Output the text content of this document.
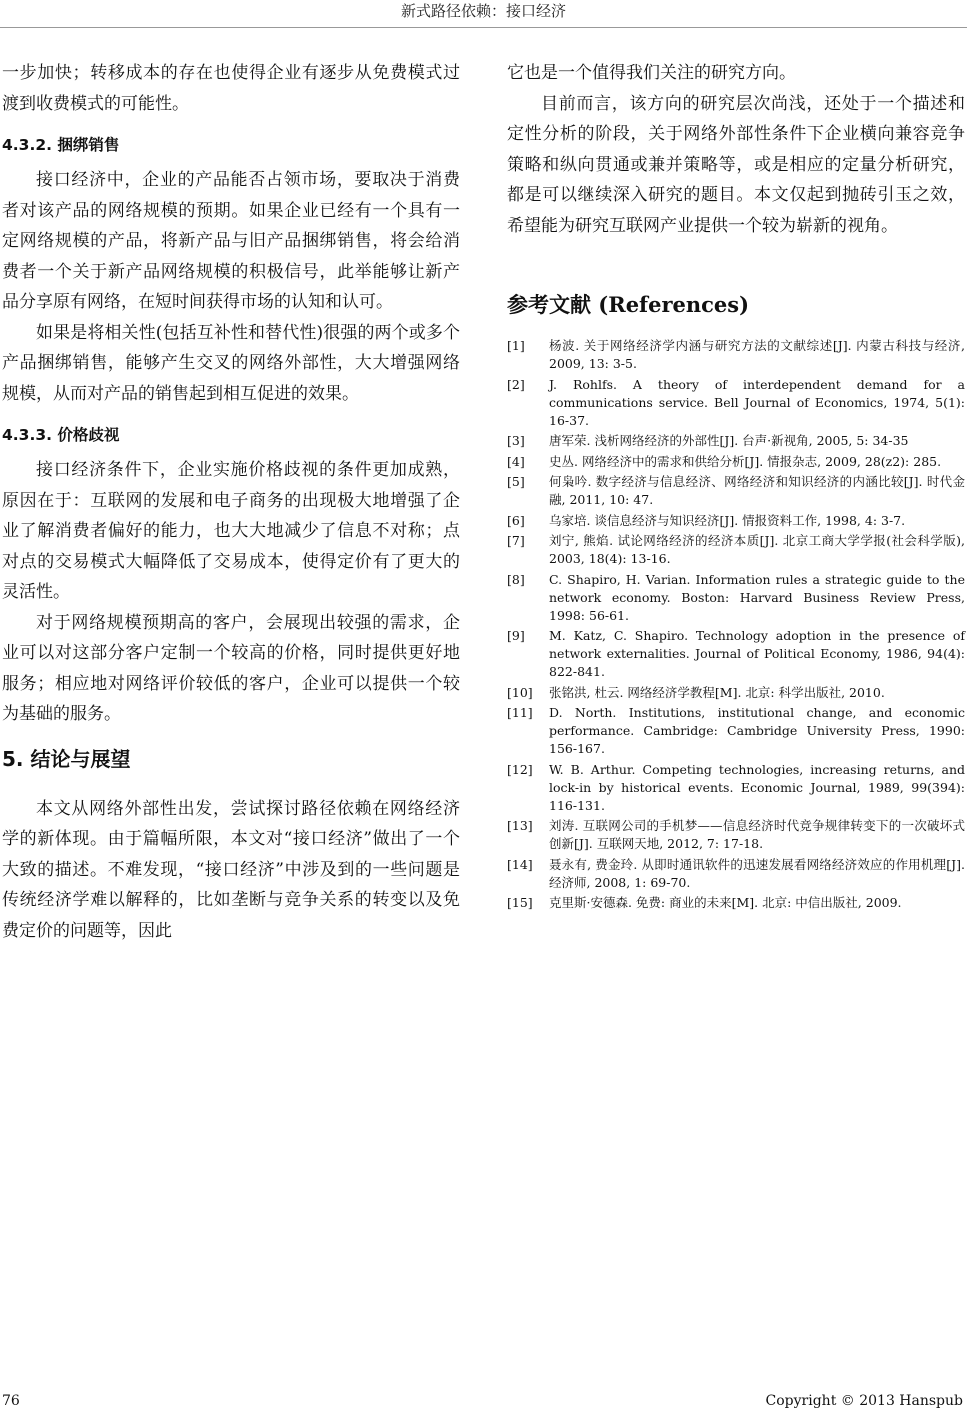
新式路径依赖：接口经济

一步加快；转移成本的存在也使得企业有逐步从免费模式过渡到收费模式的可能性。

4.3.2. 捆绑销售

接口经济中，企业的产品能否占领市场，要取决于消费者对该产品的网络规模的预期。如果企业已经有一个具有一定网络规模的产品，将新产品与旧产品捆绑销售，将会给消费者一个关于新产品网络规模的积极信号，此举能够让新产品分享原有网络，在短时间获得市场的认知和认可。

如果是将相关性(包括互补性和替代性)很强的两个或多个产品捆绑销售，能够产生交叉的网络外部性，大大增强网络规模，从而对产品的销售起到相互促进的效果。

4.3.3. 价格歧视

接口经济条件下，企业实施价格歧视的条件更加成熟，原因在于：互联网的发展和电子商务的出现极大地增强了企业了解消费者偏好的能力，也大大地减少了信息不对称；点对点的交易模式大幅降低了交易成本，使得定价有了更大的灵活性。

对于网络规模预期高的客户，会展现出较强的需求，企业可以对这部分客户定制一个较高的价格，同时提供更好地服务；相应地对网络评价较低的客户，企业可以提供一个较为基础的服务。

5. 结论与展望

本文从网络外部性出发，尝试探讨路径依赖在网络经济学的新体现。由于篇幅所限，本文对“接口经济”做出了一个大致的描述。不难发现，“接口经济”中涉及到的一些问题是传统经济学难以解释的，比如垄断与竞争关系的转变以及免费定价的问题等，因此

它也是一个值得我们关注的研究方向。

目前而言，该方向的研究层次尚浅，还处于一个描述和定性分析的阶段，关于网络外部性条件下企业横向兼容竞争策略和纵向贯通或兼并策略等，或是相应的定量分析研究，都是可以继续深入研究的题目。本文仅起到抛砖引玉之效，希望能为研究互联网产业提供一个较为崭新的视角。

参考文献 (References)
[1] 杨波. 关于网络经济学内涵与研究方法的文献综述[J]. 内蒙古科技与经济, 2009, 13: 3-5.
[2] J. Rohlfs. A theory of interdependent demand for a communications service. Bell Journal of Economics, 1974, 5(1): 16-37.
[3] 唐军荣. 浅析网络经济的外部性[J]. 台声·新视角, 2005, 5: 34-35
[4] 史丛. 网络经济中的需求和供给分析[J]. 情报杂志, 2009, 28(z2): 285.
[5] 何枭吟. 数字经济与信息经济、网络经济和知识经济的内涵比较[J]. 时代金融, 2011, 10: 47.
[6] 乌家培. 谈信息经济与知识经济[J]. 情报资料工作, 1998, 4: 3-7.
[7] 刘宁, 熊焰. 试论网络经济的经济本质[J]. 北京工商大学学报(社会科学版), 2003, 18(4): 13-16.
[8] C. Shapiro, H. Varian. Information rules a strategic guide to the network economy. Boston: Harvard Business Review Press, 1998: 56-61.
[9] M. Katz, C. Shapiro. Technology adoption in the presence of network externalities. Journal of Political Economy, 1986, 94(4): 822-841.
[10] 张铭洪, 杜云. 网络经济学教程[M]. 北京: 科学出版社, 2010.
[11] D. North. Institutions, institutional change, and economic performance. Cambridge: Cambridge University Press, 1990: 156-167.
[12] W. B. Arthur. Competing technologies, increasing returns, and lock-in by historical events. Economic Journal, 1989, 99(394): 116-131.
[13] 刘涛. 互联网公司的手机梦——信息经济时代竞争规律转变下的一次破坏式创新[J]. 互联网天地, 2012, 7: 17-18.
[14] 聂永有, 费金玲. 从即时通讯软件的迅速发展看网络经济效应的作用机理[J]. 经济师, 2008, 1: 69-70.
[15] 克里斯·安德森. 免费: 商业的未来[M]. 北京: 中信出版社, 2009.
76	Copyright © 2013 Hanspub
